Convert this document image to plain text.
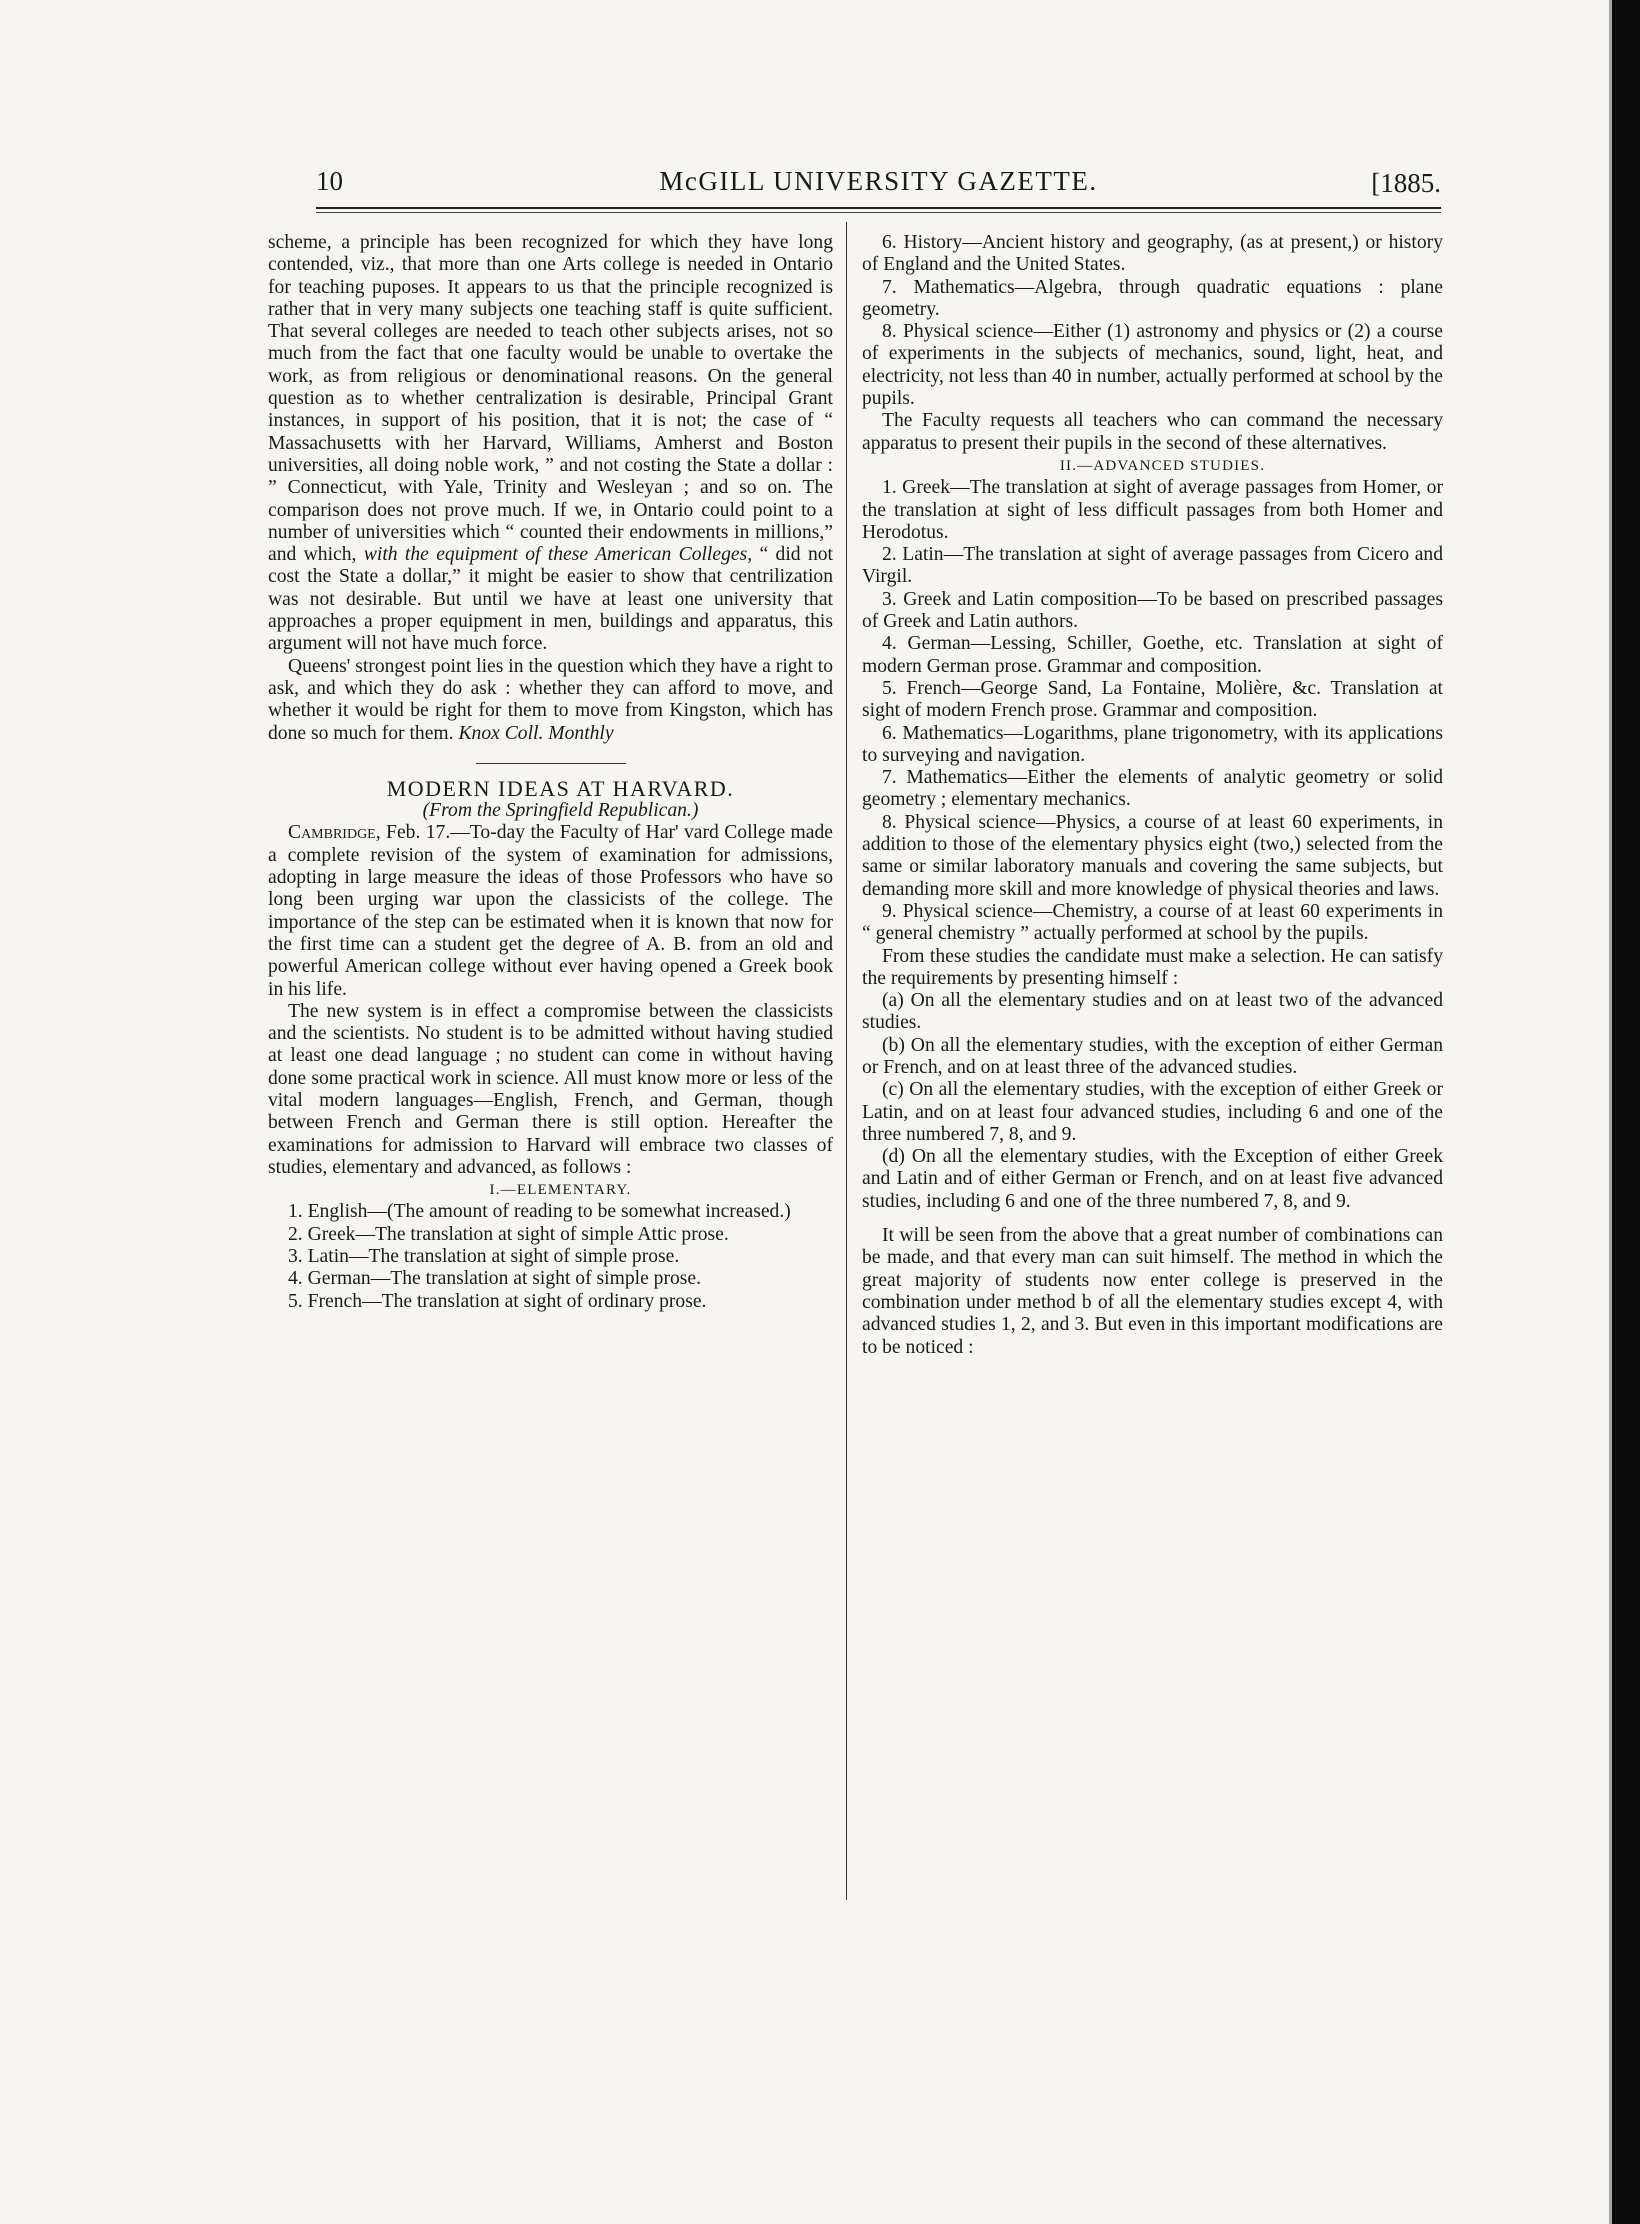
10	McGILL UNIVERSITY GAZETTE.	[1885.

scheme, a principle has been recognized for which they have long contended, viz., that more than one Arts college is needed in Ontario for teaching puposes. It appears to us that the principle recognized is rather that in very many subjects one teaching staff is quite sufficient. That several colleges are needed to teach other subjects arises, not so much from the fact that one faculty would be unable to overtake the work, as from religious or denominational reasons. On the general question as to whether centralization is desirable, Principal Grant instances, in support of his position, that it is not; the case of “ Massachusetts with her Harvard, Williams, Amherst and Boston universities, all doing noble work, ” and not costing the State a dollar : ” Connecticut, with Yale, Trinity and Wesleyan ; and so on. The comparison does not prove much. If we, in Ontario could point to a number of universities which “ counted their endowments in millions,” and which, with the equipment of these American Colleges, “ did not cost the State a dollar,” it might be easier to show that centrilization was not desirable. But until we have at least one university that approaches a proper equipment in men, buildings and apparatus, this argument will not have much force.

Queens' strongest point lies in the question which they have a right to ask, and which they do ask : whether they can afford to move, and whether it would be right for them to move from Kingston, which has done so much for them. Knox Coll. Monthly

MODERN IDEAS AT HARVARD.

(From the Springfield Republican.)

Cambridge, Feb. 17.—To-day the Faculty of Har' vard College made a complete revision of the system of examination for admissions, adopting in large measure the ideas of those Professors who have so long been urging war upon the classicists of the college. The importance of the step can be estimated when it is known that now for the first time can a student get the degree of A. B. from an old and powerful American college without ever having opened a Greek book in his life.

The new system is in effect a compromise between the classicists and the scientists. No student is to be admitted without having studied at least one dead language ; no student can come in without having done some practical work in science. All must know more or less of the vital modern languages—English, French, and German, though between French and German there is still option. Hereafter the examinations for admission to Harvard will embrace two classes of studies, elementary and advanced, as follows :

I.—ELEMENTARY.

1. English—(The amount of reading to be somewhat increased.)

2. Greek—The translation at sight of simple Attic prose.

3. Latin—The translation at sight of simple prose.

4. German—The translation at sight of simple prose.

5. French—The translation at sight of ordinary prose.

6. History—Ancient history and geography, (as at present,) or history of England and the United States.

7. Mathematics—Algebra, through quadratic equations : plane geometry.

8. Physical science—Either (1) astronomy and physics or (2) a course of experiments in the subjects of mechanics, sound, light, heat, and electricity, not less than 40 in number, actually performed at school by the pupils.

The Faculty requests all teachers who can command the necessary apparatus to present their pupils in the second of these alternatives.

II.—ADVANCED STUDIES.

1. Greek—The translation at sight of average passages from Homer, or the translation at sight of less difficult passages from both Homer and Herodotus.

2. Latin—The translation at sight of average passages from Cicero and Virgil.

3. Greek and Latin composition—To be based on prescribed passages of Greek and Latin authors.

4. German—Lessing, Schiller, Goethe, etc. Translation at sight of modern German prose. Grammar and composition.

5. French—George Sand, La Fontaine, Molière, &c. Translation at sight of modern French prose. Grammar and composition.

6. Mathematics—Logarithms, plane trigonometry, with its applications to surveying and navigation.

7. Mathematics—Either the elements of analytic geometry or solid geometry ; elementary mechanics.

8. Physical science—Physics, a course of at least 60 experiments, in addition to those of the elementary physics eight (two,) selected from the same or similar laboratory manuals and covering the same subjects, but demanding more skill and more knowledge of physical theories and laws.

9. Physical science—Chemistry, a course of at least 60 experiments in “ general chemistry ” actually performed at school by the pupils.

From these studies the candidate must make a selection. He can satisfy the requirements by presenting himself :

(a) On all the elementary studies and on at least two of the advanced studies.

(b) On all the elementary studies, with the exception of either German or French, and on at least three of the advanced studies.

(c) On all the elementary studies, with the exception of either Greek or Latin, and on at least four advanced studies, including 6 and one of the three numbered 7, 8, and 9.

(d) On all the elementary studies, with the Exception of either Greek and Latin and of either German or French, and on at least five advanced studies, including 6 and one of the three numbered 7, 8, and 9.

It will be seen from the above that a great number of combinations can be made, and that every man can suit himself. The method in which the great majority of students now enter college is preserved in the combination under method b of all the elementary studies except 4, with advanced studies 1, 2, and 3. But even in this important modifications are to be noticed :
